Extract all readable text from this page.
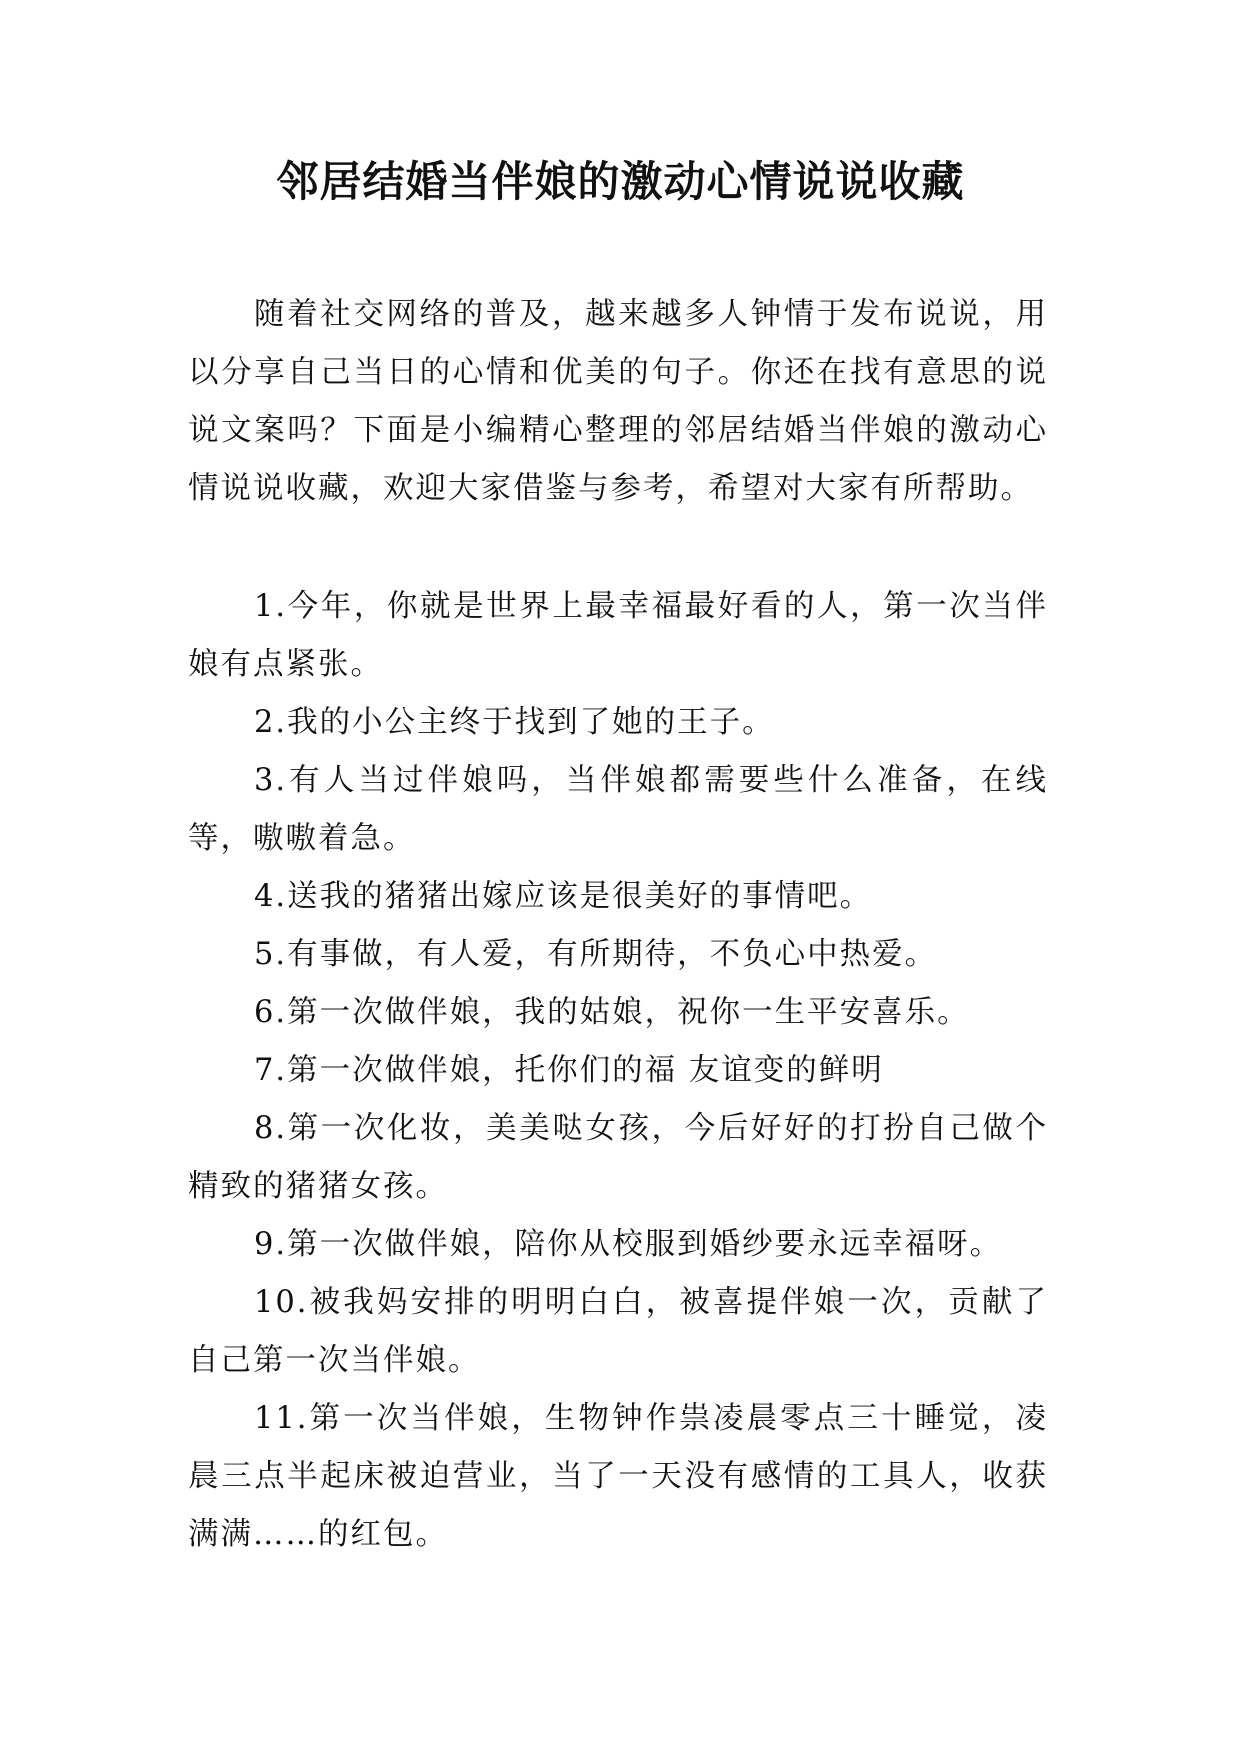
邻居结婚当伴娘的激动心情说说收藏

随着社交网络的普及，越来越多人钟情于发布说说，用以分享自己当日的心情和优美的句子。你还在找有意思的说说文案吗？下面是小编精心整理的邻居结婚当伴娘的激动心情说说收藏，欢迎大家借鉴与参考，希望对大家有所帮助。

1.今年，你就是世界上最幸福最好看的人，第一次当伴娘有点紧张。

2.我的小公主终于找到了她的王子。

3.有人当过伴娘吗，当伴娘都需要些什么准备，在线等，嗷嗷着急。

4.送我的猪猪出嫁应该是很美好的事情吧。

5.有事做，有人爱，有所期待，不负心中热爱。

6.第一次做伴娘，我的姑娘，祝你一生平安喜乐。

7.第一次做伴娘，托你们的福 友谊变的鲜明

8.第一次化妆，美美哒女孩，今后好好的打扮自己做个精致的猪猪女孩。

9.第一次做伴娘，陪你从校服到婚纱要永远幸福呀。

10.被我妈安排的明明白白，被喜提伴娘一次，贡献了自己第一次当伴娘。

11.第一次当伴娘，生物钟作祟凌晨零点三十睡觉，凌晨三点半起床被迫营业，当了一天没有感情的工具人，收获满满……的红包。
